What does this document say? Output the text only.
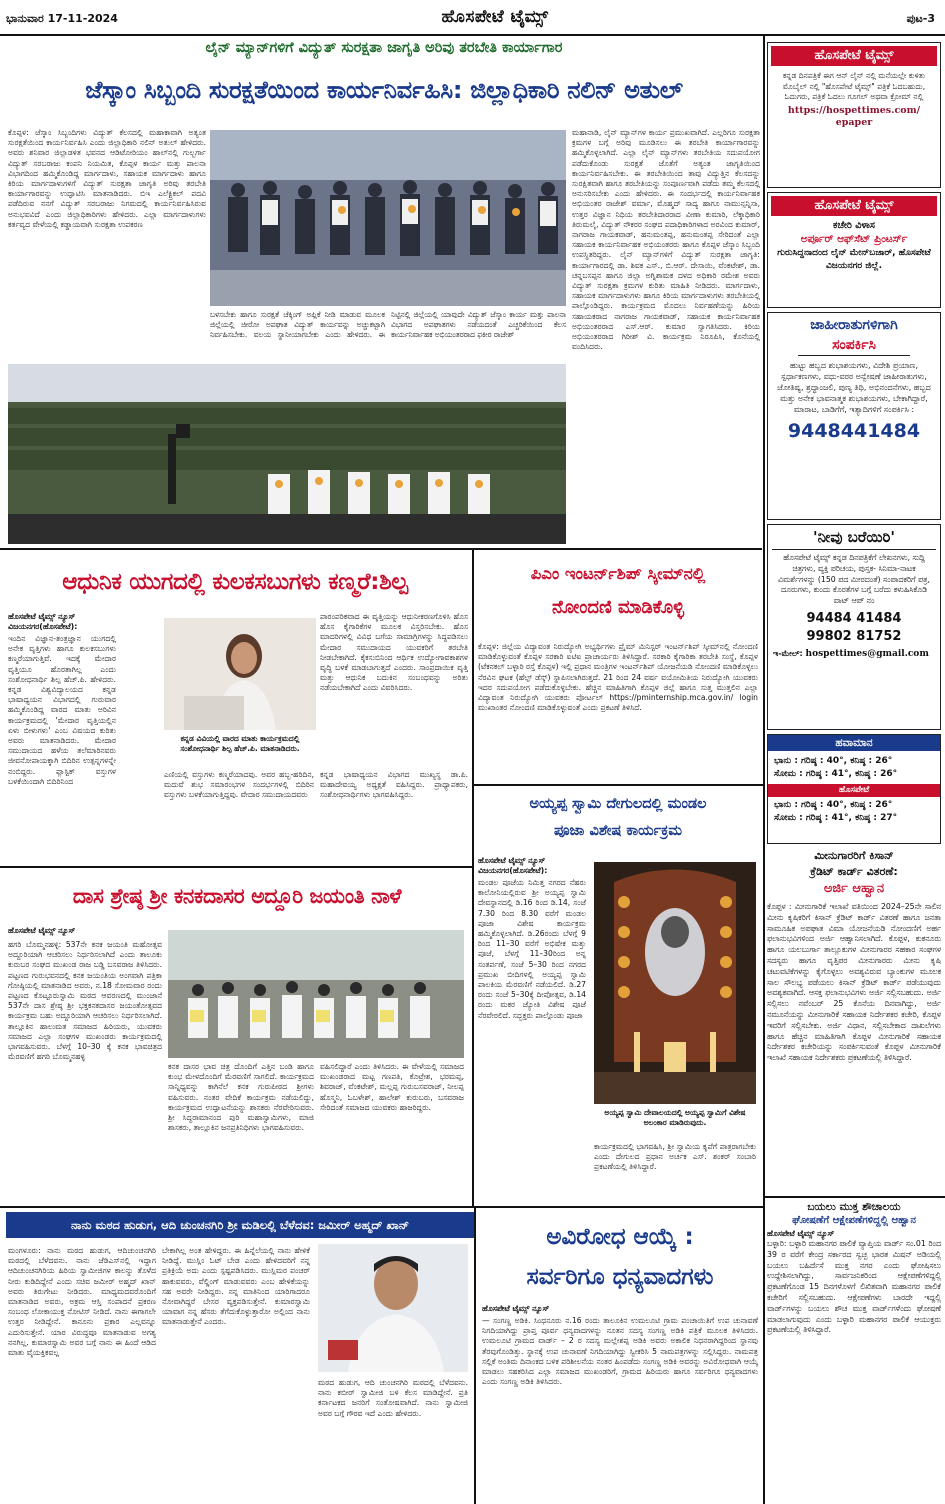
ಭಾನುವಾರ 17-11-2024	ಹೊಸಪೇಟೆ ಟೈಮ್ಸ್	ಪುಟ-3
ಲೈನ್ ಮ್ಯಾನ್‌ಗಳಿಗೆ ವಿದ್ಯುತ್ ಸುರಕ್ಷತಾ ಜಾಗೃತಿ ಅರಿವು ತರಬೇತಿ ಕಾರ್ಯಾಗಾರ
ಜೆಸ್ಕಾಂ ಸಿಬ್ಬಂದಿ ಸುರಕ್ಷತೆಯಿಂದ ಕಾರ್ಯನಿರ್ವಹಿಸಿ: ಜಿಲ್ಲಾಧಿಕಾರಿ ನಲಿನ್ ಅತುಲ್
ಕೊಪ್ಪಳ: ಜೆಸ್ಕಾಂ ಸಿಬ್ಬಂದಿಗಳು ವಿದ್ಯುತ್ ಕೆಲಸದಲ್ಲಿ ಮಹಾಕಾವಾಗಿ ಅತ್ಯಂತ ಸುರಕ್ಷತೆಯಿಂದ ಕಾರ್ಯನಿರ್ವಹಿಸಿ ಎಂದು ಜಿಲ್ಲಾಧಿಕಾರಿ ನಲಿನ್ ಅತುಲ್ ಹೇಳಿದರು. ಅವರು ಶನಿವಾರ ಜಿಲ್ಲಾಡಳಿತ ಭವನದ ಆಡಿಟೋರಿಯಂ ಹಾಲ್‌ನಲ್ಲಿ ಗುಲ್ಬರ್ಗಾ ವಿದ್ಯುತ್ ಸರಬರಾಜು ಕಂಪನಿ ನಿಯಮಿತ, ಕೊಪ್ಪಳ ಕಾರ್ಯ ಮತ್ತು ಪಾಲನಾ ವಿಭಾಗದಿಂದ ಹಮ್ಮಿಕೊಂಡಿದ್ದ ಮಾರ್ಗದಾಳು, ಸಹಾಯಕ ಮಾರ್ಗದಾಳು ಹಾಗೂ ಕಿರಿಯ ಮಾರ್ಗದಾಳುಗಳಿಗೆ ವಿದ್ಯುತ್ ಸುರಕ್ಷತಾ ಜಾಗೃತಿ ಅರಿವು ತರಬೇತಿ ಕಾರ್ಯಾಗಾರವನ್ನು ಉದ್ಘಾಟಿಸಿ ಮಾತನಾಡಿದರು. ಬಿಇ ಎಲೆಕ್ಟ್ರಿಕಲ್ ಪದವಿ ಪಡೆದಿರುವ ನನಗೆ ವಿದ್ಯುತ್ ಸರಬರಾಜು ನಿಗಮದಲ್ಲಿ ಕಾರ್ಯನಿರ್ವಹಿಸಿರುವ ಅನುಭವವಿದೆ ಎಂದು ಜಿಲ್ಲಾಧಿಕಾರಿಗಳು ಹೇಳಿದರು. ಎಲ್ಲಾ ಮಾರ್ಗದಾಳುಗಳು ಕರ್ತವ್ಯದ ವೇಳೆಯಲ್ಲಿ ಕಡ್ಡಾಯವಾಗಿ ಸುರಕ್ಷತಾ ಉಪಕರಣ
ಬಳಸಬೇಕು ಹಾಗೂ ಸುರಕ್ಷತೆ ಚೆಕ್ಕಿಂಗ್ ಅಪ್ಲಿಕೆ ನೀಡಿ ಮಾಡುವ ಮೂಲಕ ಜಿಲ್ಲೆಯಲ್ಲಿ ಜೀರೋ ಅಪಘಾತ ವಿದ್ಯುತ್ ಕಾರ್ಯವನ್ನು ಅಚ್ಚುಕಟ್ಟಾಗಿ ನಿರ್ವಹಿಸಬೇಕು. ವಲಯ ಸ್ಥಾನೀಯಾಗಬೇಕು ಎಂದು ಹೇಳಿದರು. ಈ ನಿಟ್ಟಿನಲ್ಲಿ ಜಿಲ್ಲೆಯಲ್ಲಿ ಯಾವುದೇ ವಿದ್ಯುತ್ ಜೆಸ್ಕಾಂ ಕಾರ್ಯ ಮತ್ತು ಪಾಲನಾ ವಿಭಾಗದ ಅಪಘಾತಗಳು ನಡೆಯದಂತೆ ಎಚ್ಚರಿಕೆಯಿಂದ ಕೆಲಸ ಕಾರ್ಯನಿರ್ವಾಹಕ ಅಭಿಯಂತರರಾದ ಫಕೀರ ರಾಜೇಶ್
ಮಹಾನಾಡಿ, ಲೈನ್ ಮ್ಯಾನ್‌ಗಳ ಕಾರ್ಯ ಪ್ರಮುಖವಾಗಿದೆ. ಎಲ್ಲರಿಗೂ ಸುರಕ್ಷತಾ ಕ್ರಮಗಳ ಬಗ್ಗೆ ಅರಿವು ಮೂಡಿಸಲು ಈ ತರಬೇತಿ ಕಾರ್ಯಾಗಾರವನ್ನು ಹಮ್ಮಿಕೊಳ್ಳಲಾಗಿದೆ. ಎಲ್ಲಾ ಲೈನ್ ಮ್ಯಾನ್‌ಗಳು ತರಬೇತಿಯ ಸದುಪಯೋಗ ಪಡೆದುಕೊಂಡು ಸುರಕ್ಷತೆ ಜೊತೆಗೆ ಅತ್ಯಂತ ಜಾಗೃತಿಯಿಂದ ಕಾರ್ಯನಿರ್ವಹಿಸಬೇಕು. ಈ ತರಬೇತಿಯಿಂದ ತಾವು ವಿದ್ಯುತ್ತಿನ ಕೆಲಸದನ್ನು ಸುರಕ್ಷಿತವಾಗಿ ಹಾಗೂ ತರಬೇತಿಯನ್ನು ಸಂಪೂರ್ಣವಾಗಿ ಪಡೆದು ತಮ್ಮ ಕೆಲಸದಲ್ಲಿ ಅನುಸರಿಸಬೇಕು ಎಂದು ಹೇಳಿದರು. ಈ ಸಂದರ್ಭದಲ್ಲಿ ಕಾರ್ಯನಿರ್ವಾಹಕ ಅಭಿಯಂತರ ರಾಜೇಶ್ ವರ್ಮಾ, ಮೊಹ್ಮದ್ ಸಾದ್ಯ ಹಾಗೂ ನಾಮುನ್ಸನ್ನಿಸಾ, ಉತ್ತರ ವಿಜ್ಞಾನ ನಿಧಿಯ ತರಬೇತಿದಾರರಾದ ವೀಣಾ ಕುಮಾರಿ, ಲೆಕ್ಕಾಧಿಕಾರಿ ತಿರುಮಲೈ, ವಿದ್ಯುತ್ ನೌಕರರ ಸಂಘದ ಪದಾಧಿಕಾರಿಗಳಾದ ಅರವಿಂದ ಕುಮಾರ್, ನಾಗರಾಜ ಗಾಯಕವಾಡ್, ಹನುಮಂತಪ್ಪ, ಹನುಮಂತಪ್ಪ ಸೇರಿದಂತೆ ಎಲ್ಲಾ ಸಹಾಯಕ ಕಾರ್ಯನಿರ್ವಾಹಕ ಅಭಿಯಂತರರು ಹಾಗೂ ಕೊಪ್ಪಳ ಜೆಸ್ಕಾಂ ಸಿಬ್ಬಂದಿ ಉಪಸ್ಥಿತರಿದ್ದರು. ಲೈನ್ ಮ್ಯಾನ್‌ಗಳಿಗೆ ವಿದ್ಯುತ್ ಸುರಕ್ಷತಾ ಜಾಗೃತಿ: ಕಾರ್ಯಾಗಾರದಲ್ಲಿ ಡಾ. ಶಿವಕ ಎಸ್., ಬಿ.ಆರ್. ದೇಸಾಯಿ, ವೆಂಕಟೇಶ್, ಡಾ. ಚನ್ನಬಸಪ್ಪನ ಹಾಗೂ ಜಿಲ್ಲಾ ಅಗ್ನಿಶಾಮಕ ದಳದ ಅಧಿಕಾರಿ ರಮೇಶ ಅವರು ವಿದ್ಯುತ್ ಸುರಕ್ಷತಾ ಕ್ರಮಗಳ ಕುರಿತು ಮಾಹಿತಿ ನೀಡಿದರು. ಮಾರ್ಗದಾಳು, ಸಹಾಯಕ ಮಾರ್ಗದಾಳುಗಳು ಹಾಗೂ ಕಿರಿಯ ಮಾರ್ಗದಾಳುಗಳು ತರಬೇತಿಯಲ್ಲಿ ಪಾಲ್ಗೊಂಡಿದ್ದರು. ಕಾರ್ಯಕ್ರಮದ ಮೊದಲು ನಿರ್ವಹಣೆಯನ್ನು ಹಿರಿಯ ಸಹಾಯಕರಾದ ನಾಗರಾಜ ಗಾಯಕವಾಡ್, ಸಹಾಯಕ ಕಾರ್ಯನಿರ್ವಾಹಕ ಅಭಿಯಂತರರಾದ ಎಸ್.ಆರ್. ಕುಮಾರ ಸ್ವಾಗತಿಸಿದರು. ಕಿರಿಯ ಅಭಿಯಂತರರಾದ ಗಿರೀಶ್ ವಿ. ಕಾರ್ಯಕ್ರಮ ನಿರೂಪಿಸಿ, ಕೊನೆಯಲ್ಲಿ ವಂದಿಸಿದರು.
ಹೊಸಪೇಟೆ ಟೈಮ್ಸ್
ಕನ್ನಡ ದಿನಪತ್ರಿಕೆ ಈಗ ಆನ್ ಲೈನ್ ನಲ್ಲಿ ಮನೆಯಲ್ಲೇ ಕುಳಿತು ಮೊಬೈಲ್ ನಲ್ಲಿ "ಹೊಸಪೇಟೆ ಟೈಮ್ಸ್" ಪತ್ರಿಕೆ ಓದಬಹುದು, ಓದುಗರು, ಪತ್ರಿಕೆ ಓದಲು ಗೂಗಲ್ ಅಥವಾ ಕ್ರೋಮ್ ನಲ್ಲಿ
https://hospettimes.com/ epaper
ಹೊಸಪೇಟೆ ಟೈಮ್ಸ್
ಕಚೇರಿ ವಿಳಾಸ
ಅರ್ಪೂರ್ ಆಫ್‌ಸೆಟ್ ಪ್ರಿಂಟರ್ಸ್
ಗುರುಸಿದ್ದನಾದಂದ ಲೈನ್ ಮೇನ್‌ಬಜಾರ್, ಹೊಸಪೇಟೆ ವಿಜಯನಗರ ಜಿಲ್ಲೆ.
ಜಾಹೀರಾತುಗಳಿಗಾಗಿ
ಸಂಪರ್ಕಿಸಿ
ಹುಟ್ಟು ಹಬ್ಬದ ಶುಭಾಶಯಗಳು, ವಿದೇಶಿ ಪ್ರಯಾಣ, ಸ್ಪರ್ಧಾಕಣಗಳು, ವಧು-ವರರ ಅನ್ವೇಷಣೆ ಜಾಹೀರಾತುಗಳು, ಜೋತಿಷ್ಯ, ಶ್ರದ್ಧಾಂಜಲಿ, ಪುಣ್ಯ ತಿಥಿ, ಅಭಿನಂದನೆಗಳು, ಹಬ್ಬದ ಮತ್ತು ಅನೇಕ ಭಾವನಾತ್ಮಕ ಶುಭಾಶಯಗಳು, ಬೇಕಾಗಿದ್ದಾರೆ, ಮಾರಾಟ, ಬಾಡಿಗೆಗೆ, ಇತ್ಯಾದಿಗಳಿಗೆ ಸಂಪರ್ಕಿಸಿ :
9448441484
'ನೀವು ಬರೆಯಿರಿ'
ಹೊಸಪೇಟೆ ಟೈಮ್ಸ್ ಕನ್ನಡ ದಿನಪತ್ರಿಕೆಗೆ ಲೇಖನಗಳು, ಸುದ್ದಿ ಚಿತ್ರಗಳು, ವ್ಯಕ್ತಿ ಪರಿಚಯ, ಪುಸ್ತಕ- ಸಿನಿಮಾ-ನಾಟಕ ವಿಮರ್ಶೆಗಳನ್ನು (150 ಪದ ಮೀರದಂತೆ) ಸಂಪಾದಕರಿಗೆ ಪತ್ರ, ದೂರುಗಳು, ಕುಂದು ಕೊರತೆಗಳ ಬಗ್ಗೆ ಬರೆದು ಕಳುಹಿಸಿಕೊಡಿ ವಾಟ್ ಆಪ್ ನಂ
94484 41484
99802 81752
ಇ-ಮೇಲ್: hospettimes@gmail.com
ಹವಾಮಾನ
ಭಾನು : ಗರಿಷ್ಠ : 40°, ಕನಿಷ್ಠ : 26°
ಸೋಮ : ಗರಿಷ್ಠ : 41°, ಕನಿಷ್ಠ : 26°
ಹೊಸಪೇಟೆ
ಭಾನು : ಗರಿಷ್ಠ : 40°, ಕನಿಷ್ಠ : 26°
ಸೋಮ : ಗರಿಷ್ಠ : 41°, ಕನಿಷ್ಠ : 27°
ಮೀನುಗಾರರಿಗೆ ಕಿಸಾನ್
ಕ್ರೆಡಿಟ್ ಕಾರ್ಡ್ ವಿತರಣೆ:
ಅರ್ಜಿ ಆಹ್ವಾನ
ಕೊಪ್ಪಳ : ಮೀನುಗಾರಿಕೆ ಇಲಾಖೆ ವತಿಯಿಂದ 2024–25ನೇ ಸಾಲಿನ ಮೀನು ಕೃಷಿಕರಿಗೆ ಕಿಸಾನ್ ಕ್ರೆಡಿಟ್ ಕಾರ್ಡ್ ವಿತರಣೆ ಹಾಗೂ ಜನತಾ ಸಾಮೂಹಿಕ ಅಪಘಾತ ವಿಮಾ ಯೋಜನೆಯಡಿ ನೋಂದಣಿಗೆ ಅರ್ಹ ಫಲಾನುಭವಿಗಳಿಂದ ಅರ್ಜಿ ಆಹ್ವಾನಿಸಲಾಗಿದೆ. ಕೊಪ್ಪಳ, ಕುಕನೂರು ಹಾಗೂ ಯಲಬುರ್ಗಾ ತಾಲ್ಲೂಕುಗಳ ಮೀನುಗಾರರ ಸಹಕಾರ ಸಂಘಗಳ ಸದಸ್ಯರು ಹಾಗೂ ವೃತ್ತಿಪರ ಮೀನುಗಾರರು ಮೀನು ಕೃಷಿ ಚಟುವಟಿಕೆಗಳನ್ನು ಕೈಗೊಳ್ಳಲು ಅವಶ್ಯವಿರುವ ಬ್ಯಾಂಕುಗಳ ಮೂಲಕ ಸಾಲ ಸೌಲಭ್ಯ ಪಡೆಯಲು ಕಿಸಾನ್ ಕ್ರೆಡಿಟ್ ಕಾರ್ಡ್ ಪಡೆಯುವುದು ಅವಶ್ಯಕವಾಗಿದೆ. ಆಸಕ್ತ ಫಲಾನುಭವಿಗಳು ಅರ್ಜಿ ಸಲ್ಲಿಸಬಹುದು. ಅರ್ಜಿ ಸಲ್ಲಿಸಲು ನವೆಂಬರ್ 25 ಕೊನೆಯ ದಿನವಾಗಿದ್ದು, ಅರ್ಜಿ ನಮೂನೆಯನ್ನು ಮೀನುಗಾರಿಕೆ ಸಹಾಯಕ ನಿರ್ದೇಶಕರ ಕಚೇರಿ, ಕೊಪ್ಪಳ ಇವರಿಗೆ ಸಲ್ಲಿಸಬೇಕು. ಅರ್ಜಿ ವಿಧಾನ, ಸಲ್ಲಿಸಬೇಕಾದ ದಾಖಲೆಗಳು ಹಾಗೂ ಹೆಚ್ಚಿನ ಮಾಹಿತಿಗಾಗಿ ಕೊಪ್ಪಳ ಮೀನುಗಾರಿಕೆ ಸಹಾಯಕ ನಿರ್ದೇಶಕರ ಕಚೇರಿಯನ್ನು ಸಂಪರ್ಕಿಸುವಂತೆ ಕೊಪ್ಪಳ ಮೀನುಗಾರಿಕೆ ಇಲಾಖೆ ಸಹಾಯಕ ನಿರ್ದೇಶಕರು ಪ್ರಕಟಣೆಯಲ್ಲಿ ತಿಳಿಸಿದ್ದಾರೆ.
ಬಯಲು ಮುಕ್ತ ಶೌಚಾಲಯ
ಘೋಷಣೆಗೆ ಆಕ್ಷೇಪಣೆಗಳಿದ್ದಲ್ಲಿ ಆಹ್ವಾನ
ಹೊಸಪೇಟೆ ಟೈಮ್ಸ್ ನ್ಯೂಸ್
ಬಳ್ಳಾರಿ: ಬಳ್ಳಾರಿ ಮಹಾನಗರ ಪಾಲಿಕೆ ವ್ಯಾಪ್ತಿಯ ವಾರ್ಡ್ ಸಂ.01 ರಿಂದ 39 ರ ವರೆಗೆ ಕೇಂದ್ರ ಸರ್ಕಾರದ ಸ್ವಚ್ಛ ಭಾರತ ಮಿಷನ್ ಅಡಿಯಲ್ಲಿ ಬಯಲು ಬಹಿರ್ದೆಸೆ ಮುಕ್ತ ನಗರ ಎಂದು ಘೋಷಿಸಲು ಉದ್ದೇಶಿಸಲಾಗಿದ್ದು, ಸಾರ್ವಜನಿಕರಿಂದ ಆಕ್ಷೇಪಣೆಗಳಿದ್ದಲ್ಲಿ ಪ್ರಕಟಣೆಗೊಂಡ 15 ದಿನಗಳೊಳಗೆ ಲಿಖಿತವಾಗಿ ಮಹಾನಗರ ಪಾಲಿಕೆ ಕಚೇರಿಗೆ ಸಲ್ಲಿಸಬಹುದು. ಆಕ್ಷೇಪಣೆಗಳು ಬಾರದೇ ಇದ್ದಲ್ಲಿ ವಾರ್ಡ್‌ಗಳನ್ನು ಬಯಲು ಶೌಚ ಮುಕ್ತ ವಾರ್ಡ್‌ಗಳೆಂದು ಘೋಷಣೆ ಮಾಡಲಾಗುವುದು ಎಂದು ಬಳ್ಳಾರಿ ಮಹಾನಗರ ಪಾಲಿಕೆ ಆಯುಕ್ತರು ಪ್ರಕಟಣೆಯಲ್ಲಿ ತಿಳಿಸಿದ್ದಾರೆ.
ಆಧುನಿಕ ಯುಗದಲ್ಲಿ ಕುಲಕಸಬುಗಳು ಕಣ್ಮರೆ:ಶಿಲ್ಪ
ಹೊಸಪೇಟೆ ಟೈಮ್ಸ್ ನ್ಯೂಸ್ ವಿಜಯನಗರ(ಹೊಸಪೇಟೆ):
ಇಂದಿನ ವಿಜ್ಞಾನ-ತಂತ್ರಜ್ಞಾನ ಯುಗದಲ್ಲಿ ಅನೇಕ ವೃತ್ತಿಗಳು ಹಾಗೂ ಕುಲಕಸಬುಗಳು ಕಣ್ಮರೆಯಾಗುತ್ತಿವೆ. ಇದಕ್ಕೆ ಮೇದಾರ ವೃತ್ತಿಯೂ ಹೊರತಾಗಿಲ್ಲ ಎಂದು ಸಂಶೋಧನಾರ್ಥಿ ಶಿಲ್ಪ ಹೆಚ್.ಪಿ. ಹೇಳಿದರು. ಕನ್ನಡ ವಿಶ್ವವಿದ್ಯಾಲಯದ ಕನ್ನಡ ಭಾಷಾಧ್ಯಯನ ವಿಭಾಗದಲ್ಲಿ ಗುರುವಾರ ಹಮ್ಮಿಕೊಂಡಿದ್ದ ವಾರದ ಮಾತು ಅರಿವಿನ ಕಾರ್ಯಕ್ರಮದಲ್ಲಿ 'ಮೇದಾರ ವೃತ್ತಿಯಲ್ಲಿನ ಏಳು ಬೀಳುಗಳು' ಎಂಬ ವಿಷಯದ ಕುರಿತು ಅವರು ಮಾತನಾಡಿದರು. ಮೇದಾರ ಸಮುದಾಯದ ಹಳೆಯ ತಲೆಮಾರಿನವರು ಜೀವನೋಪಾಯಕ್ಕಾಗಿ ಬಿದಿರಿನ ಉತ್ಪನ್ನಗಳನ್ನೇ ನಂಬಿದ್ದರು. ಪ್ಲಾಸ್ಟಿಕ್ ವಸ್ತುಗಳ ಬಳಕೆಯಿಂದಾಗಿ ಬಿದಿರಿನಿಂದ
ಕನ್ನಡ ವಿವಿಯಲ್ಲಿ ವಾರದ ಮಾತು ಕಾರ್ಯಕ್ರಮದಲ್ಲಿ ಸಂಶೋಧನಾರ್ಥಿ ಶಿಲ್ಪ ಹೆಚ್.ಪಿ. ಮಾತನಾಡಿದರು.
ಪಾರಂಪರಿಕವಾದ ಈ ವೃತ್ತಿಯನ್ನು ಆಧುನೀಕರಣಗೊಳಿಸಿ ಹೊಸ ಹೊಸ ಕೈಗಾರಿಕೆಗಳ ಮೂಲಕ ವಿಸ್ತರಿಸಬೇಕು. ಹೊಸ ಮಾದರಿಗಳಲ್ಲಿ ವಿವಿಧ ಬಗೆಯ ಸಾಮಾಗ್ರಿಗಳನ್ನು ಸಿದ್ಧಪಡಿಸಲು ಮೇದಾರ ಸಮುದಾಯದ ಯುವಕರಿಗೆ ತರಬೇತಿ ನೀಡಬೇಕಾಗಿದೆ. ಕೈಕಸುಬಿನಿಂದ ಆರ್ಥಿಕ ಉದ್ಯೋಗಾವಕಾಶಗಳ ವೃದ್ಧಿ ಬಳಕೆ ಮಾಡಬಾಗುತ್ತದೆ ಎಂದರು. ಸಾಂಪ್ರದಾಯಿಕ ವೃತ್ತಿ ಮತ್ತು ಆಧುನಿಕ ಬದುಕಿನ ಸಂಬಂಧವನ್ನು ಅರಿತು ನಡೆಯಬೇಕಾಗಿದೆ ಎಂದು ವಿವರಿಸಿದರು.
ಎಣಿಯಲ್ಲಿ ವಸ್ತುಗಳು ಕಣ್ಮರೆಯಾದವು. ಅವರ ಹಬ್ಬ-ಹರಿದಿನ, ಮದುವೆ ಶುಭ ಸಮಾರಂಭಗಳ ಸಂದರ್ಭಗಳಲ್ಲಿ ಬಿದಿರಿನ ವಸ್ತುಗಳು ಬಳಕೆಯಾಗುತ್ತಿದ್ದವು. ವೇದಾರ ಸಮುದಾಯದವರು
ಕನ್ನಡ ಭಾಷಾಧ್ಯಯನ ವಿಭಾಗದ ಮುಖ್ಯಸ್ಥ ಡಾ.ಪಿ. ಮಹಾದೇವಯ್ಯ ಅಧ್ಯಕ್ಷತೆ ವಹಿಸಿದ್ದರು. ಪ್ರಾಧ್ಯಾಪಕರು, ಸಂಶೋಧನಾರ್ಥಿಗಳು ಭಾಗವಹಿಸಿದ್ದರು.
ಪಿಎಂ ಇಂಟರ್ನ್‌ಶಿಪ್ ಸ್ಕೀಮ್‌ನಲ್ಲಿ
ನೋಂದಣಿ ಮಾಡಿಕೊಳ್ಳಿ
ಕೊಪ್ಪಳ: ಜಿಲ್ಲೆಯ ವಿದ್ಯಾವಂತ ನಿರುದ್ಯೋಗಿ ಅಭ್ಯರ್ಥಿಗಳು ಪ್ರೈಮ್ ಮಿನಿಸ್ಟರ್ ಇಂಟರ್ನ್‌ಶಿಪ್ ಸ್ಕೀಮ್‌ನಲ್ಲಿ ನೋಂದಣಿ ಮಾಡಿಕೊಳ್ಳುವಂತೆ ಕೊಪ್ಪಳ ಸರಕಾರಿ ಐಟಿಐ ಪ್ರಾಚಾರ್ಯರು ತಿಳಿಸಿದ್ದಾರೆ. ಸರಕಾರಿ ಕೈಗಾರಿಕಾ ತರಬೇತಿ ಸಂಸ್ಥೆ, ಕೊಪ್ಪಳ (ಟೆಕನಕಲ್ ಬಳ್ಳಾರಿ ರಸ್ತೆ ಕೊಪ್ಪಳ) ಇಲ್ಲಿ ಪ್ರಧಾನ ಮಂತ್ರಿಗಳ ಇಂಟರ್ನ್‌ಶಿಪ್ ಯೋಜನೆಯಡಿ ನೋಂದಣಿ ಮಾಡಿಕೊಳ್ಳಲು ನೆರವಿನ ಘಟಕ (ಹೆಲ್ಪ್ ಡೆಸ್ಕ್) ಸ್ಥಾಪಿಸಲಾಗಿರುತ್ತದೆ. 21 ರಿಂದ 24 ವರ್ಷ ವಯೋಮಿತಿಯ ನಿರುದ್ಯೋಗಿ ಯುವಕರು ಇದರ ಸದುಪಯೋಗ ಪಡೆದುಕೊಳ್ಳಬೇಕು. ಹೆಚ್ಚಿನ ಮಾಹಿತಿಗಾಗಿ ಕೊಪ್ಪಳ ಜಿಲ್ಲೆ ಹಾಗೂ ಸುತ್ತ ಮುತ್ತಲಿನ ಎಲ್ಲಾ ವಿದ್ಯಾವಂತ ನಿರುದ್ಯೋಗಿ ಯುವಕರು ಪೋರ್ಟಲ್ https://pminternship.mca.gov.in/ login ಮುಖಾಂತರ ನೋಂದಣಿ ಮಾಡಿಕೊಳ್ಳುವಂತೆ ಎಂದು ಪ್ರಕಟಣೆ ತಿಳಿಸಿದೆ.
ಅಯ್ಯಪ್ಪ ಸ್ವಾಮಿ ದೇಗುಲದಲ್ಲಿ ಮಂಡಲ
ಪೂಜಾ ವಿಶೇಷ ಕಾರ್ಯಕ್ರಮ
ಹೊಸಪೇಟೆ ಟೈಮ್ಸ್ ನ್ಯೂಸ್ ವಿಜಯನಗರ(ಹೊಸಪೇಟೆ):
ಮಂಡಲ ಪೂಜೆಯ ನಿಮಿತ್ತ ನಗರದ ನೆಹರು ಕಾಲೋನಿಯಲ್ಲಿರುವ ಶ್ರೀ ಅಯ್ಯಪ್ಪ ಸ್ವಾಮಿ ದೇವಸ್ಥಾನದಲ್ಲಿ ಡಿ.16 ರಿಂದ ಡಿ.14, ಸಂಜೆ 7.30 ರಿಂದ 8.30 ವರೆಗೆ ಮಂಡಲ ಪೂಜಾ ವಿಶೇಷ ಕಾರ್ಯಕ್ರಮ ಹಮ್ಮಿಕೊಳ್ಳಲಾಗಿದೆ. ಡಿ.26ರಂದು ಬೆಳಗ್ಗೆ 9 ರಿಂದ 11–30 ವರೆಗೆ ಅಭಿಷೇಕ ಮತ್ತು ಪೂಜೆ, ಬೆಳಗ್ಗೆ 11–30ರಿಂದ ಅನ್ನ ಸಂತರ್ಪಣೆ, ಸಂಜೆ 5–30 ರಿಂದ ನಗರದ ಪ್ರಮುಖ ಬೀದಿಗಳಲ್ಲಿ ಅಯ್ಯಪ್ಪ ಸ್ವಾಮಿ ಪಾಲಕಿಯ ಮೆರವಣಿಗೆ ನಡೆಯಲಿದೆ. ಡಿ.27 ರಂದು ಸಂಜೆ 5–30ಕ್ಕೆ ದೀಪೋತ್ಸವ, ಡಿ.14 ರಂದು ಮಕರ ಜ್ಯೋತಿ ವಿಶೇಷ ಪೂಜೆ ನೆರವೇರಲಿದೆ. ಸದ್ಭಕ್ತರು ಪಾಲ್ಗೊಂಡು ಪೂಜಾ
ಅಯ್ಯಪ್ಪ ಸ್ವಾಮಿ ದೇವಾಲಯದಲ್ಲಿ ಅಯ್ಯಪ್ಪ ಸ್ವಾಮಿಗೆ ವಿಶೇಷ ಅಲಂಕಾರ ಮಾಡಿರುವುದು.
ಕಾರ್ಯಕ್ರಮದಲ್ಲಿ ಭಾಗವಹಿಸಿ, ಶ್ರೀ ಸ್ವಾಮಿಯ ಕೃಪೆಗೆ ಪಾತ್ರರಾಗಬೇಕು ಎಂದು ದೇಗುಲದ ಪ್ರಧಾನ ಅರ್ಚಕ ಎಸ್. ಶಂಕರ್ ಸಂಬಾರಿ ಪ್ರಕಟಣೆಯಲ್ಲಿ ತಿಳಿಸಿದ್ದಾರೆ.
ದಾಸ ಶ್ರೇಷ್ಠ ಶ್ರೀ ಕನಕದಾಸರ ಅದ್ದೂರಿ ಜಯಂತಿ ನಾಳೆ
ಹೊಸಪೇಟೆ ಟೈಮ್ಸ್ ನ್ಯೂಸ್
ಹಗರಿ ಬೊಮ್ಮನಹಳ್ಳಿ: 537ನೇ ಕನಕ ಜಯಂತಿ ಮಹೋತ್ಸವ ಅದ್ದೂರಿಯಾಗಿ ಆಚರಿಸಲು ನಿರ್ಧರಿಸಲಾಗಿದೆ ಎಂದು ತಾಲೂಕು ಕುರುಬರ ಸಂಘದ ಮುಖಂಡ ರಾಜ ಬಡ್ಡಿ ಬಸವರಾಜ ತಿಳಿಸಿದರು. ಪಟ್ಟಣದ ಗುರುಭವನದಲ್ಲಿ ಕನಕ ಜಯಂತಿಯ ಅಂಗವಾಗಿ ಪತ್ರಿಕಾ ಗೋಷ್ಠಿಯಲ್ಲಿ ಮಾತನಾಡಿದ ಅವರು, ನ.18 ಸೋಮವಾರ ರಂದು ಪಟ್ಟಣದ ಕೊಟ್ಟೂರುಸ್ವಾಮಿ ಮಠದ ಆವರಣದಲ್ಲಿ ಮುಂಜಾನೆ 537ನೇ ದಾಸ ಶ್ರೇಷ್ಠ ಶ್ರೀ ಭಕ್ತಕನಕದಾಸರ ಜಯಂತೋತ್ಸವದ ಕಾರ್ಯಕ್ರಮ ಬಹು ಅದ್ದೂರಿಯಾಗಿ ಆಚರಿಸಲು ನಿರ್ಧರಿಸಲಾಗಿದೆ. ತಾಲ್ಲೂಕಿನ ಹಾಲುಮತ ಸಮಾಜದ ಹಿರಿಯರು, ಯುವಕರು ಸಮಾಜದ ಎಲ್ಲಾ ಸಂಘಗಳ ಮುಖಂಡರು ಕಾರ್ಯಕ್ರಮದಲ್ಲಿ ಭಾಗವಹಿಸುವರು. ಬೆಳಗ್ಗೆ 10–30 ಕ್ಕೆ ಕನಕ ಭಾವಚಿತ್ರದ ಮೆರವಣಿಗೆ ಹಗರಿ ಬೊಮ್ಮನಹಳ್ಳಿ
ಕನಕ ದಾಸರ ಭಾವ ಚಿತ್ರ ದೊಂದಿಗೆ ಎತ್ತಿನ ಬಂಡಿ ಹಾಗೂ ಕುಂಭ ಮೇಳದೊಂದಿಗೆ ಮೆರವಣಿಗೆ ಸಾಗಲಿದೆ. ಕಾರ್ಯಕ್ರಮದ ಸಾನ್ನಿಧ್ಯವನ್ನು ಕಾಗಿನೆಲೆ ಕನಕ ಗುರುಪೀಠದ ಶ್ರೀಗಳು ವಹಿಸುವರು. ನಂತರ ವೇದಿಕೆ ಕಾರ್ಯಕ್ರಮ ನಡೆಯಲಿದ್ದು, ಕಾರ್ಯಕ್ರಮದ ಉದ್ಘಾಟನೆಯನ್ನು ಶಾಸಕರು ನೆರವೇರಿಸುವರು. ಶ್ರೀ ಸಿದ್ಧರಾಮಾನಂದ ಪುರಿ ಮಹಾಸ್ವಾಮಿಗಳು, ಮಾಜಿ ಶಾಸಕರು, ತಾಲ್ಲೂಕಿನ ಜನಪ್ರತಿನಿಧಿಗಳು ಭಾಗವಹಿಸುವರು.
ವಹಿಸಲಿದ್ದಾರೆ ಎಂದು ತಿಳಿಸಿದರು. ಈ ವೇಳೆಯಲ್ಲಿ ಸಮಾಜದ ಮುಖಂಡರಾದ ಮಟ್ಟ ಗಣಪತಿ, ಕೊಟ್ರೇಶ, ಭರಮಪ್ಪ, ಶಿವರಾಜ್, ವೆಂಕಟೇಶ್, ಮಲ್ಲಪ್ಪ ಗುರುಬಸವರಾಜ್, ನೀಲಪ್ಪ ಹೊಸ್ಮನಿ, ಓಬಳೇಶ್, ಹಾಲೇಶ್ ಕುರುಬರು, ಬಸವರಾಜ ಸೇರಿದಂತೆ ಸಮಾಜದ ಯುವಕರು ಹಾಜರಿದ್ದರು.
ನಾನು ಮಠದ ಹುಡುಗ, ಆದಿ ಚುಂಚನಗಿರಿ ಶ್ರೀ ಮಡಿಲಲ್ಲಿ ಬೆಳೆದವ: ಜಮೀರ್ ಅಹ್ಮದ್ ಖಾನ್
ಮಂಗಳೂರು: ನಾನು ಮಠದ ಹುಡುಗ, ಆದಿಚುಂಚನಗಿರಿ ಮಠದಲ್ಲಿ ಬೆಳೆದವನು. ನಾನು ಜೆಡಿಎಸ್‌ನಲ್ಲಿ ಇದ್ದಾಗ ಆದಿಚುಂಚನಗಿರಿಯ ಹಿರಿಯ ಸ್ವಾಮೀಜಿಗಳ ಕಾಲನ್ನು ತೊಳೆದ ನೀರು ಕುಡಿದಿದ್ದೇನೆ ಎಂದು ಸಚಿವ ಜಮೀರ್ ಅಹ್ಮದ್ ಖಾನ್ ಅವರು ತಿರುಗೇಟು ನೀಡಿದರು. ಮಾಧ್ಯಮದವರೊಂದಿಗೆ ಮಾತನಾಡಿದ ಅವರು, ಅಕ್ರಮ ಆಸ್ತಿ ಸಂಪಾದನೆ ಪ್ರಕರಣ ಸಂಬಂಧ ಲೋಕಾಯುಕ್ತ ನೋಟಿಸ್ ನೀಡಿದೆ. ನಾನು ಈಗಾಗಲೇ ಉತ್ತರ ನೀಡಿದ್ದೇನೆ. ಕಾನೂನು ಪ್ರಕಾರ ಎಲ್ಲವನ್ನೂ ಎದುರಿಸುತ್ತೇನೆ. ಯಾರ ವಿರುದ್ಧವೂ ಮಾತನಾಡುವ ಅಗತ್ಯ ನನಗಿಲ್ಲ. ಕುಮಾರಸ್ವಾಮಿ ಅವರ ಬಗ್ಗೆ ನಾನು ಈ ಹಿಂದೆ ಆಡಿದ ಮಾತು ವೈಯಕ್ತಿಕವಲ್ಲ
ಬೇಕಾಗಿಲ್ಲ ಅಂತ ಹೇಳಿದ್ದರು. ಈ ಹಿನ್ನೆಲೆಯಲ್ಲಿ ನಾನು ಹೇಳಿಕೆ ನೀಡಿದ್ದೆ. ಮುಸ್ಲಿಂ ಓಟ್ ಬೇಡ ಎಂದು ಹೇಳಿದವರಿಗೆ ನನ್ನ ಪ್ರತಿಕ್ರಿಯೆ ಅದು ಎಂದು ಸ್ಪಷ್ಟಪಡಿಸಿದರು. ಮುಸ್ಲಿಮರ ಪಂಚರ್ ಹಾಕುವವರು, ವೆಲ್ಡಿಂಗ್ ಮಾಡುವವರು ಎಂಬ ಹೇಳಿಕೆಯನ್ನು ಸಹ ಅವರೇ ನೀಡಿದ್ದರು. ನನ್ನ ಮಾತಿನಿಂದ ಯಾರಿಗಾದರೂ ನೋವಾಗಿದ್ದರೆ ಬೇಸರ ವ್ಯಕ್ತಪಡಿಸುತ್ತೇನೆ. ಕುಮಾರಸ್ವಾಮಿ ಯಾವಾಗ ನನ್ನ ಹೆಸರು ತೆಗೆದುಕೊಳ್ಳುತ್ತಾರೋ ಅಲ್ಲಿಂದ ನಾನು ಮಾತನಾಡುತ್ತೇನೆ ಎಂದರು.
ಮಠದ ಹುಡುಗ, ಆದಿ ಚುಂಚನಗಿರಿ ಮಠದಲ್ಲಿ ಬೆಳೆದವನು. ನಾನು ಕಬೀರ್ ಸ್ವಾಮೀಜಿ ಬಳಿ ಕೆಲಸ ಮಾಡಿದ್ದೇನೆ. ಪ್ರತಿ ಕರ್ನಾಟಕದ ಜನರಿಗೆ ಸಂತೋಷವಾಗಿದೆ. ನಾನು ಸ್ವಾಮೀಜಿ ಅವರ ಬಗ್ಗೆ ಗೌರವ ಇದೆ ಎಂದು ಹೇಳಿದರು.
ಅವಿರೋಧ ಆಯ್ಕೆ :
ಸರ್ವರಿಗೂ ಧನ್ಯವಾದಗಳು
ಹೊಸಪೇಟೆ ಟೈಮ್ಸ್ ನ್ಯೂಸ್
— ಸಂಗಣ್ಣ ಅಡಿಕಿ. ಸಿಂಧನೂರು ನ.16 ರಂದು ತಾಲೂಕಿನ ಉಮಲೂಟಿ ಗ್ರಾಮ ಪಂಚಾಯಿತಿಗೆ ಉಪ ಚುನಾವಣೆ ನಿಗದಿಯಾಗಿದ್ದು ಪ್ರಾಪ್ತ ಪೂರ್ವ ಧನ್ಯವಾದಗಳನ್ನು ನೂತನ ಸದಸ್ಯ ಸಂಗಣ್ಣ ಅಡಿಕಿ ಪತ್ರಿಕೆ ಮೂಲಕ ತಿಳಿಸಿದರು. ಉಮಲೂಟಿ ಗ್ರಾಮದ ವಾರ್ಡ್ – 2 ರ ಸದಸ್ಯ ಮಲ್ಲೇಶಪ್ಪ ಅಡಿಕಿ ಅವರು ಅಕಾಲಿಕ ನಿಧನರಾಗಿದ್ದರಿಂದ ಸ್ಥಾನವು ತೆರವುಗೊಂಡಿತ್ತು. ಸ್ಥಾನಕ್ಕೆ ಉಪ ಚುನಾವಣೆ ನಿಗದಿಯಾಗಿದ್ದು ಸ್ವೀಕರಿಸಿ 5 ನಾಮಪತ್ರಗಳನ್ನು ಸಲ್ಲಿಸಿದ್ದರು. ನಾಮಪತ್ರ ಸಲ್ಲಿಕೆ ಅಂತಿಮ ದಿನಾಂಕದ ಬಳಿಕ ಪರಿಶೀಲನೆಯ ನಂತರ ಹಿಂಪಡೆದು ಸಂಗಣ್ಣ ಅಡಿಕಿ ಅವರನ್ನು ಅವಿರೋಧವಾಗಿ ಆಯ್ಕೆ ಮಾಡಲು ಸಹಕರಿಸಿದ ಎಲ್ಲಾ ಸಮಾಜದ ಮುಖಂಡರಿಗೆ, ಗ್ರಾಮದ ಹಿರಿಯರು ಹಾಗೂ ಸರ್ವರಿಗೂ ಧನ್ಯವಾದಗಳು ಎಂದು ಸಂಗಣ್ಣ ಅಡಿಕಿ ತಿಳಿಸಿದರು.
